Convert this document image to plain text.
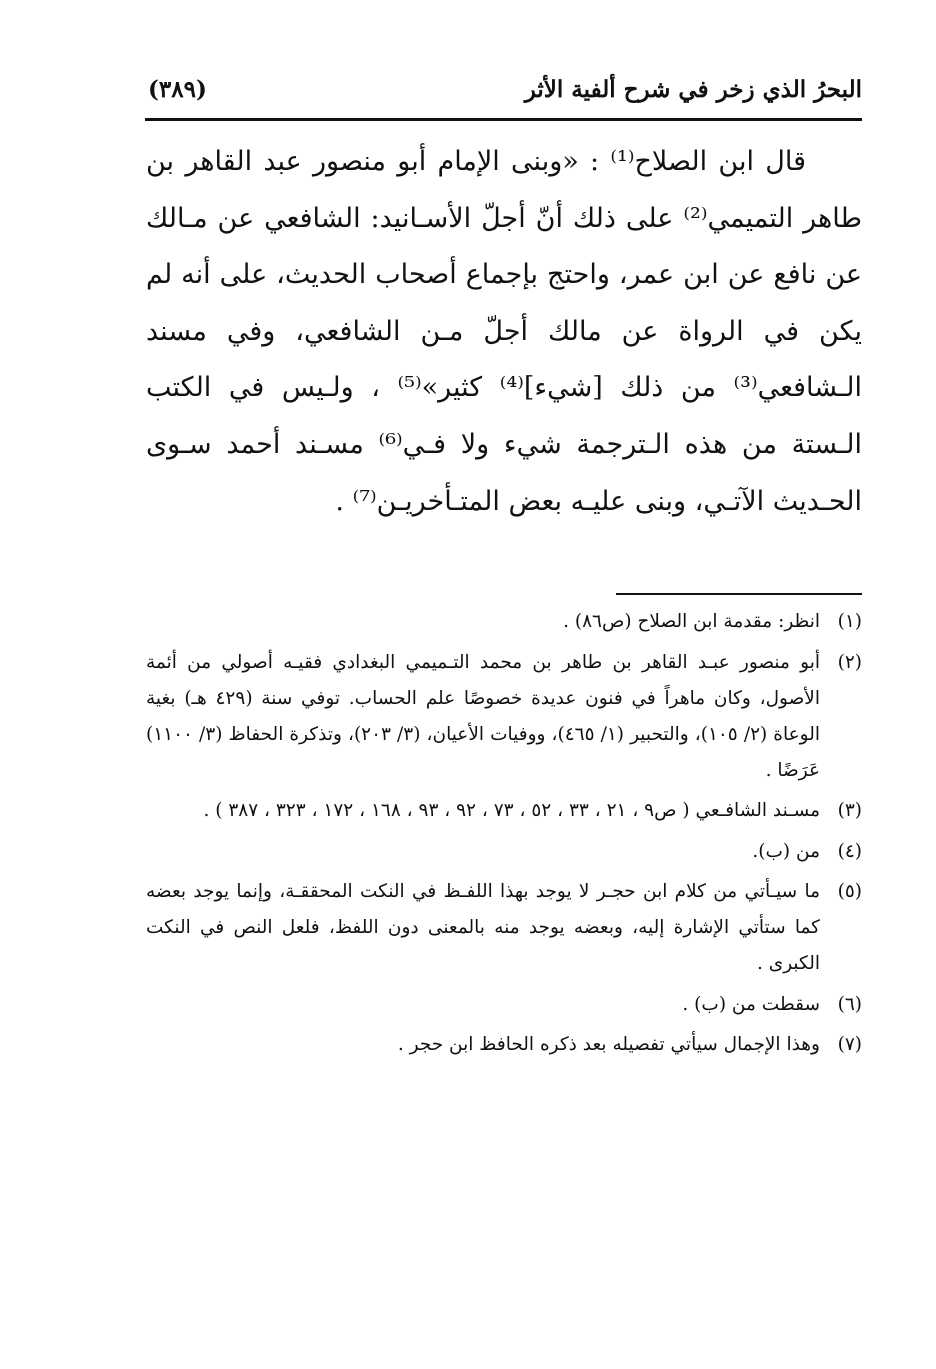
البحرُ الذي زخر في شرح ألفية الأثر
(٣٨٩)

قال ابن الصلاح⁽¹⁾ : «وبنى الإمام أبو منصور عبد القاهر بن طاهر التميمي⁽²⁾ على ذلك أنّ أجلّ الأسـانيد: الشافعي عن مـالك عن نافع عن ابن عمر، واحتج بإجماع أصحاب الحديث، على أنه لم يكن في الرواة عن مالك أجلّ مـن الشافعي، وفي مسند الـشافعي⁽³⁾ من ذلك [شيء]⁽⁴⁾ كثير»⁽⁵⁾ ، ولـيس في الكتب الـستة من هذه الـترجمة شيء ولا فـي⁽⁶⁾ مسـند أحمد سـوى الحـديث الآتـي، وبنى عليـه بعض المتـأخريـن⁽⁷⁾ .

(١)
انظر: مقدمة ابن الصلاح (ص٨٦) .
(٢)
أبو منصور عبـد القاهر بن طاهر بن محمد التـميمي البغدادي فقيـه أصولي من أئمة الأصول، وكان ماهراً في فنون عديدة خصوصًا علم الحساب. توفي سنة (٤٢٩ هـ) بغية الوعاة (٢/ ١٠٥)، والتحبير (١/ ٤٦٥)، ووفيات الأعيان، (٣/ ٢٠٣)، وتذكرة الحفاظ (٣/ ١١٠٠) عَرَضًا .
(٣)
مسـند الشافـعي ( ص٩ ، ٢١ ، ٣٣ ، ٥٢ ، ٧٣ ، ٩٢ ، ٩٣ ، ١٦٨ ، ١٧٢ ، ٣٢٣ ، ٣٨٧ ) .
(٤)
من (ب).
(٥)
ما سيـأتي من كلام ابن حجـر لا يوجد بهذا اللفـظ في النكت المحققـة، وإنما يوجد بعضه كما ستأتي الإشارة إليه، وبعضه يوجد منه بالمعنى دون اللفظ، فلعل النص في النكت الكبرى .
(٦)
سقطت من (ب) .
(٧)
وهذا الإجمال سيأتي تفصيله بعد ذكره الحافظ ابن حجر .
